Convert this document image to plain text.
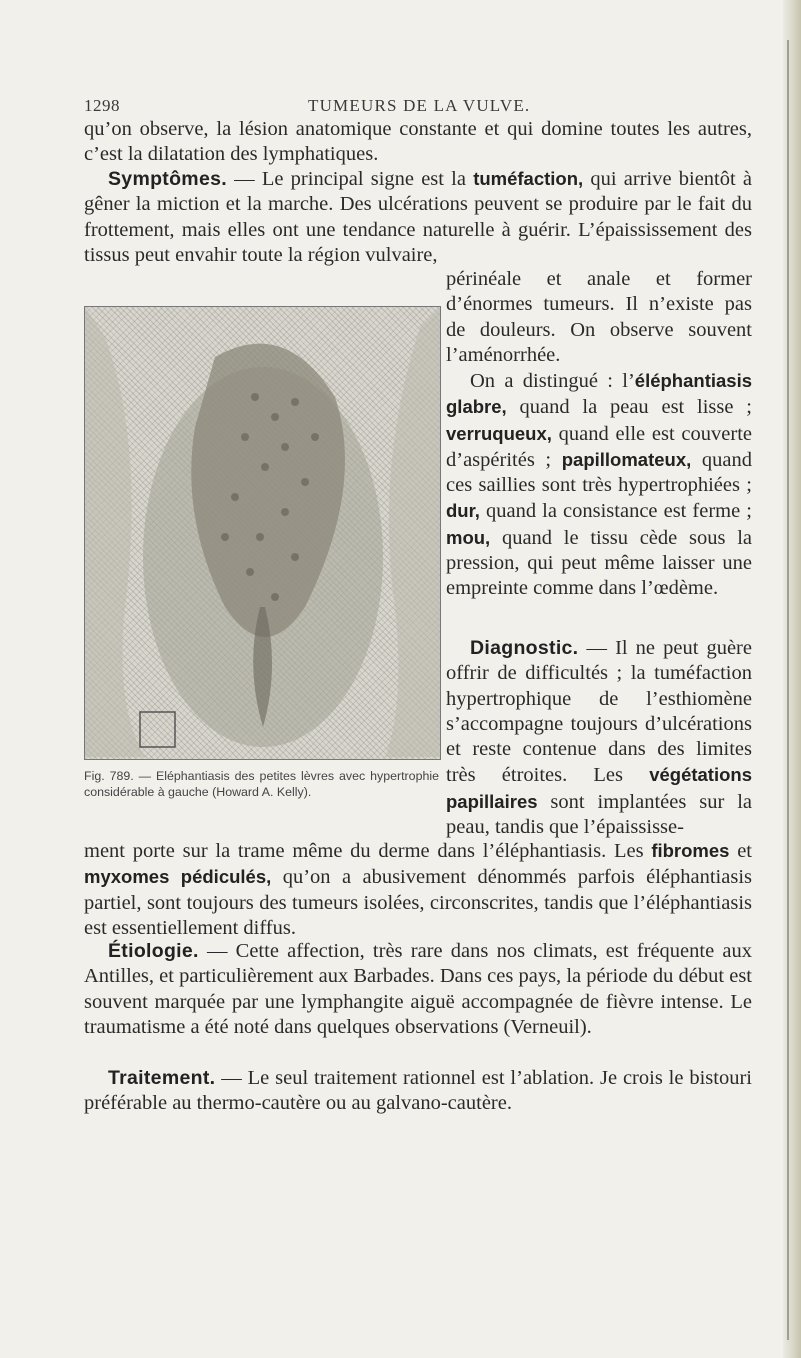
1298	TUMEURS DE LA VULVE.

qu’on observe, la lésion anatomique constante et qui domine toutes les autres, c’est la dilatation des lymphatiques.

Symptômes. — Le principal signe est la tuméfaction, qui arrive bientôt à gêner la miction et la marche. Des ulcérations peuvent se produire par le fait du frottement, mais elles ont une tendance naturelle à guérir. L’épaississement des tissus peut envahir toute la région vulvaire,

Fig. 789. — Eléphantiasis des petites lèvres avec hypertrophie considérable à gauche (Howard A. Kelly).

périnéale et anale et former d’énormes tumeurs. Il n’existe pas de douleurs. On observe souvent l’aménorrhée.

On a distingué : l’éléphantiasis glabre, quand la peau est lisse ; verruqueux, quand elle est couverte d’aspérités ; papillomateux, quand ces saillies sont très hypertrophiées ; dur, quand la consistance est ferme ; mou, quand le tissu cède sous la pression, qui peut même laisser une empreinte comme dans l’œdème.

Diagnostic. — Il ne peut guère offrir de difficultés ; la tuméfaction hypertrophique de l’esthiomène s’accompagne toujours d’ulcérations et reste contenue dans des limites très étroites. Les végétations papillaires sont implantées sur la peau, tandis que l’épaississe-

ment porte sur la trame même du derme dans l’éléphantiasis. Les fibromes et myxomes pédiculés, qu’on a abusivement dénommés parfois éléphantiasis partiel, sont toujours des tumeurs isolées, circonscrites, tandis que l’éléphantiasis est essentiellement diffus.

Étiologie. — Cette affection, très rare dans nos climats, est fréquente aux Antilles, et particulièrement aux Barbades. Dans ces pays, la période du début est souvent marquée par une lymphangite aiguë accompagnée de fièvre intense. Le traumatisme a été noté dans quelques observations (Verneuil).

Traitement. — Le seul traitement rationnel est l’ablation. Je crois le bistouri préférable au thermo-cautère ou au galvano-cautère.
